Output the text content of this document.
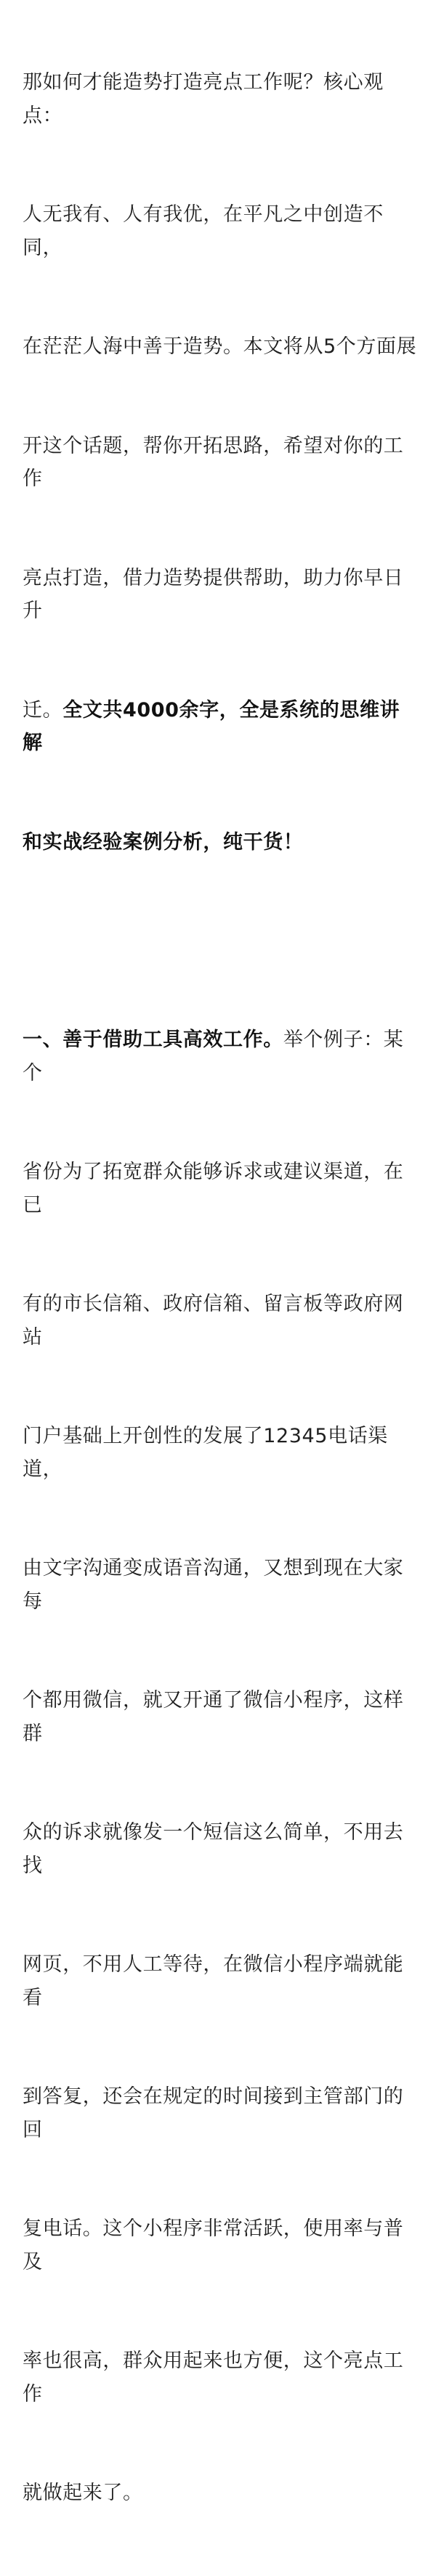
那如何才能造势打造亮点工作呢？核心观点：

人无我有、人有我优，在平凡之中创造不同，

在茫茫人海中善于造势。本文将从5个方面展

开这个话题，帮你开拓思路，希望对你的工作

亮点打造，借力造势提供帮助，助力你早日升

迁。全文共4000余字，全是系统的思维讲解

和实战经验案例分析，纯干货！

一、善于借助工具高效工作。举个例子：某个

省份为了拓宽群众能够诉求或建议渠道，在已

有的市长信箱、政府信箱、留言板等政府网站

门户基础上开创性的发展了12345电话渠道，

由文字沟通变成语音沟通，又想到现在大家每

个都用微信，就又开通了微信小程序，这样群

众的诉求就像发一个短信这么简单，不用去找

网页，不用人工等待，在微信小程序端就能看

到答复，还会在规定的时间接到主管部门的回

复电话。这个小程序非常活跃，使用率与普及

率也很高，群众用起来也方便，这个亮点工作

就做起来了。
